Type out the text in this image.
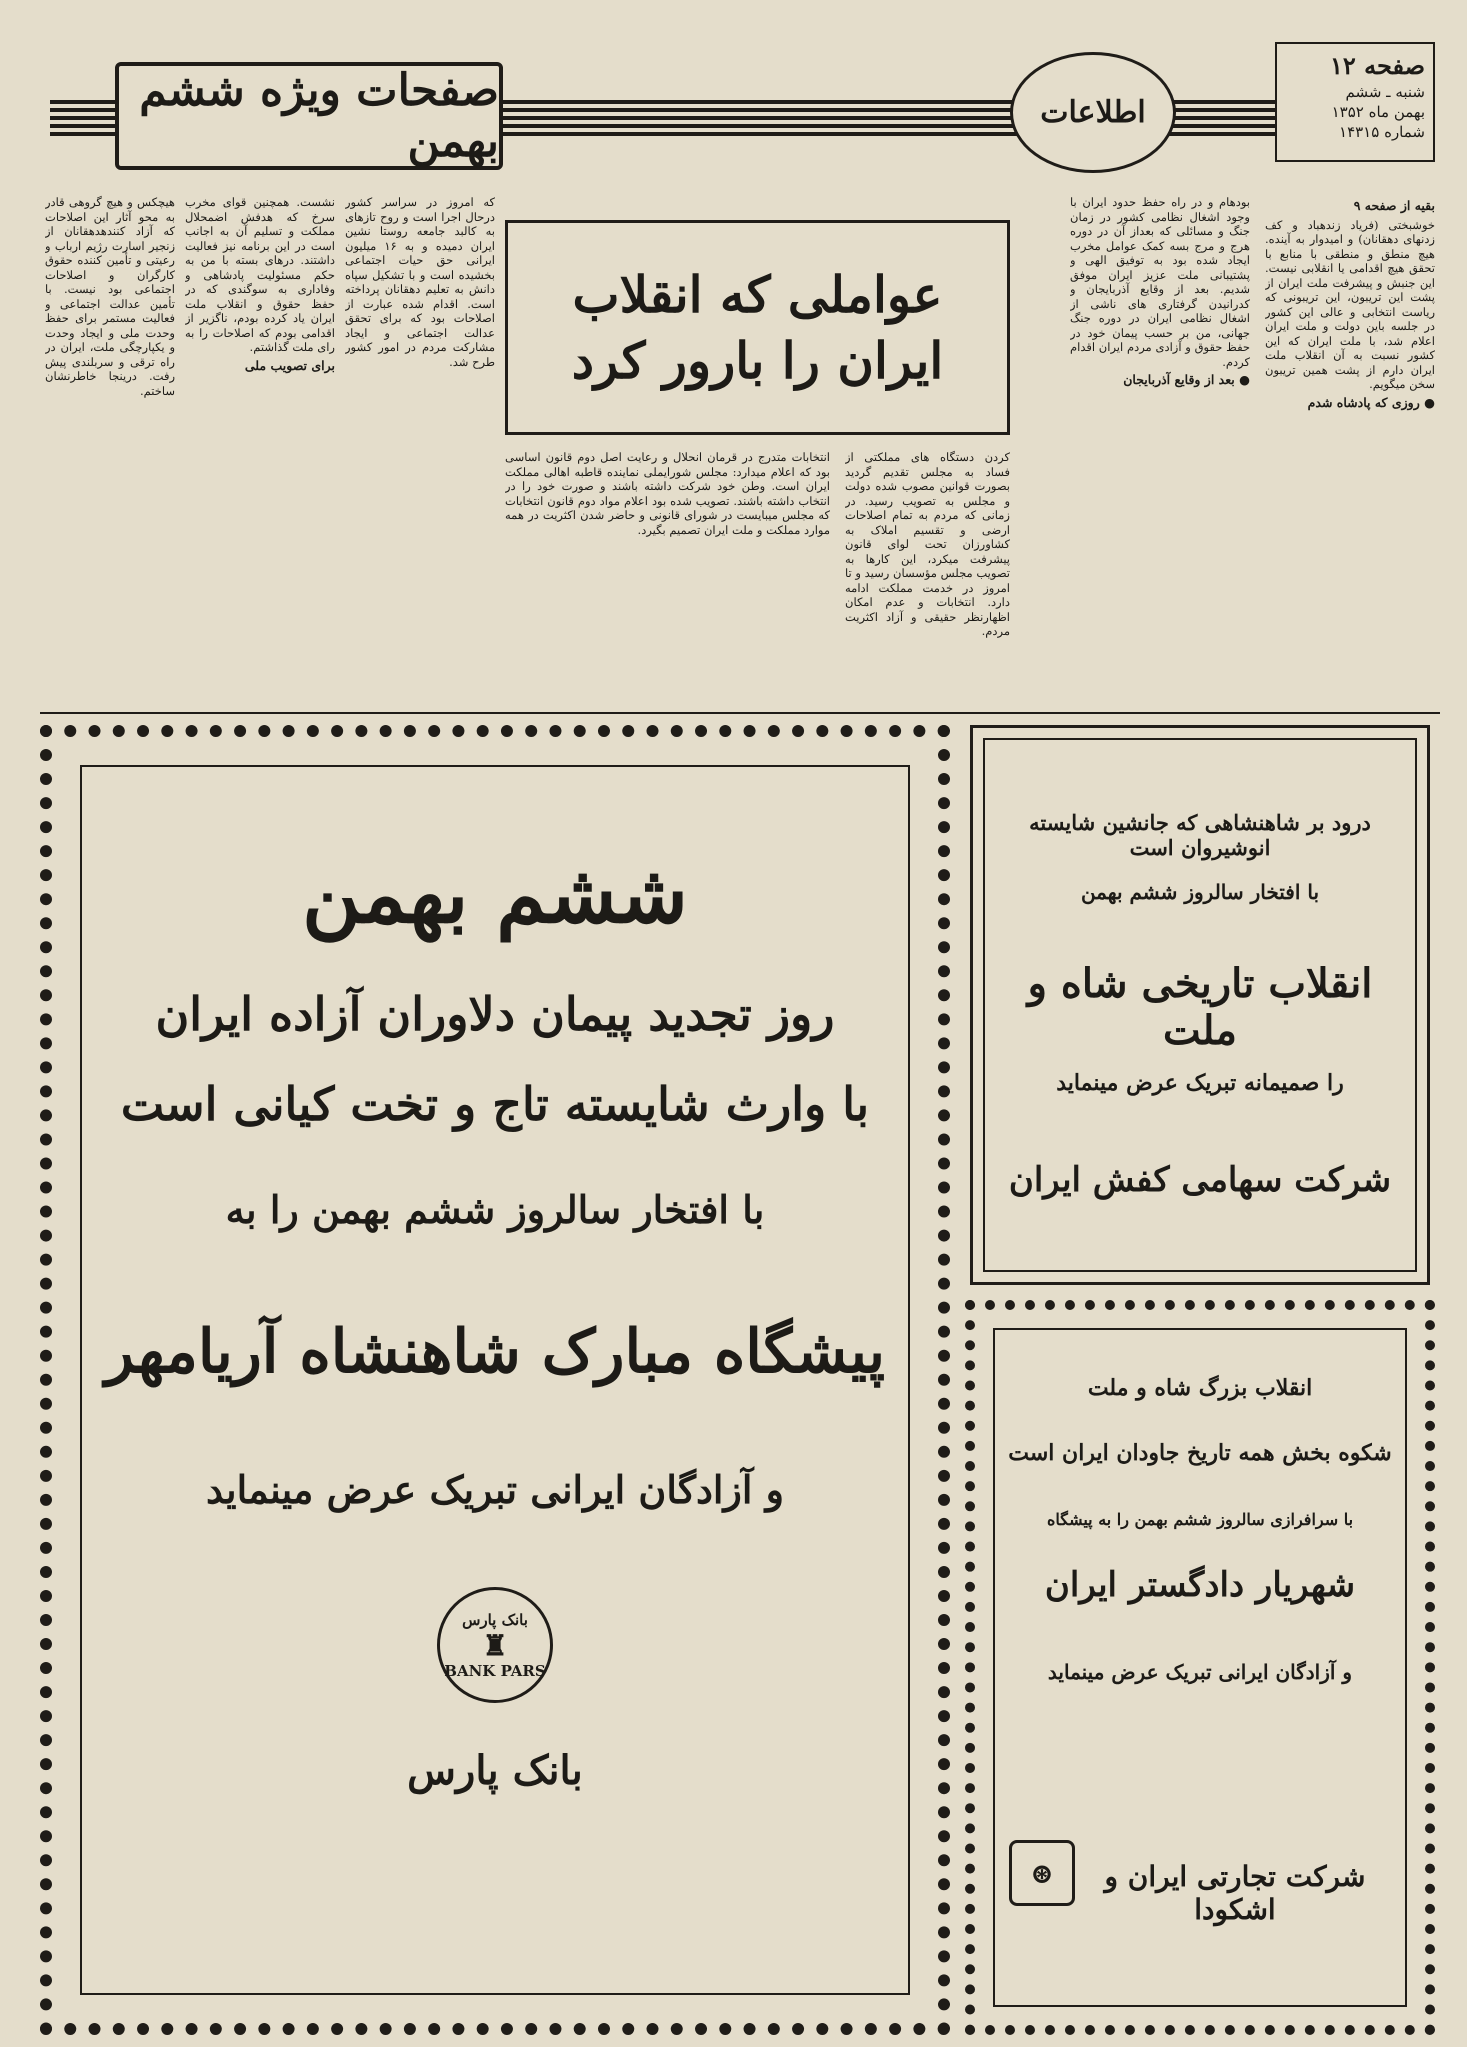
صفحات ویژه ششم بهمن
اطلاعات
صفحه ۱۲
شنبه ـ ششم
بهمن ماه ۱۳۵۲
شماره ۱۴۳۱۵

بقیه از صفحه ۹

خوشبختی (فریاد زندهباد و کف زدنهای دهقانان) و امیدوار به آینده. هیچ منطق و منطقی با منابع با تحقق هیچ اقدامی یا انقلابی نیست. این جنبش و پیشرفت ملت ایران از پشت این تریبون، این تریبونی که ریاست انتخابی و عالی این کشور در جلسه باین دولت و ملت ایران اعلام شد، با ملت ایران که این کشور نسبت به آن انقلاب ملت ایران دارم از پشت همین تریبون سخن میگویم.

● روزی که پادشاه شدم

بودهام و در راه حفظ حدود ایران با وجود اشغال نظامی کشور در زمان جنگ و مسائلی که بعداز آن در دوره هرج و مرج بسه کمک عوامل مخرب ایجاد شده بود به توفیق الهی و پشتیبانی ملت عزیز ایران موفق شدیم. بعد از وقایع آذربایجان و کدرانیدن گرفتاری های ناشی از اشغال نظامی ایران در دوره جنگ جهانی، من بر حسب پیمان خود در حفظ حقوق و آزادی مردم ایران اقدام کردم.

● بعد از وقایع آذربایجان

کردن دستگاه های مملکتی از فساد به مجلس تقدیم گردید بصورت قوانین مصوب شده دولت و مجلس به تصویب رسید. در زمانی که مردم به تمام اصلاحات ارضی و تقسیم املاک به کشاورزان تحت لوای قانون پیشرفت میکرد، این کارها به تصویب مجلس مؤسسان رسید و تا امروز در خدمت مملکت ادامه دارد. انتخابات و عدم امکان اظهارنظر حقیقی و آزاد اکثریت مردم.

انتخابات متدرج در قرمان انحلال و رعایت اصل دوم قانون اساسی بود که اعلام میدارد: مجلس شورایملی نماینده قاطبه اهالی مملکت ایران است. وطن خود شرکت داشته باشند و صورت خود را در انتخاب داشته باشند. تصویب شده بود اعلام مواد دوم قانون انتخابات که مجلس میبایست در شورای قانونی و حاضر شدن اکثریت در همه موارد مملکت و ملت ایران تصمیم بگیرد.

که امروز در سراسر کشور درحال اجرا است و روح تازهای به کالبد جامعه روستا نشین ایران دمیده و به ۱۶ میلیون ایرانی حق حیات اجتماعی بخشیده است و با تشکیل سپاه دانش به تعلیم دهقانان پرداخته است. اقدام شده عبارت از اصلاحات بود که برای تحقق عدالت اجتماعی و ایجاد مشارکت مردم در امور کشور طرح شد.

نشست. همچنین قوای مخرب سرخ که هدفش اضمحلال مملکت و تسلیم آن به اجانب است در این برنامه نیز فعالیت داشتند. درهای بسته با من به حکم مسئولیت پادشاهی و وفاداری به سوگندی که در حفظ حقوق و انقلاب ملت ایران یاد کرده بودم، ناگزیر از اقدامی بودم که اصلاحات را به رای ملت گذاشتم.

برای تصویب ملی

هیچکس و هیچ گروهی قادر به محو آثار این اصلاحات که آزاد کنندهدهقانان از زنجیر اسارت رژیم ارباب و رعیتی و تأمین کننده حقوق کارگران و اصلاحات اجتماعی بود نیست. با تأمین عدالت اجتماعی و فعالیت مستمر برای حفظ وحدت ملی و ایجاد وحدت و یکپارچگی ملت، ایران در راه ترقی و سربلندی پیش رفت. درینجا خاطرنشان ساختم.

عواملی که انقلاب
ایران را بارور کرد
ششم بهمن
روز تجدید پیمان دلاوران آزاده ایران
با وارث شایسته تاج و تخت کیانی است
با افتخار سالروز ششم بهمن را به
پیشگاه مبارک شاهنشاه آریامهر
و آزادگان ایرانی تبریک عرض مینماید
بانک پارس
♜
BANK PARS
بانک پارس
درود بر شاهنشاهی که جانشین شایسته انوشیروان است
با افتخار سالروز ششم بهمن
انقلاب تاریخی شاه و ملت
را صمیمانه تبریک عرض مینماید
شرکت سهامی کفش ایران
انقلاب بزرگ شاه و ملت
شکوه بخش همه تاریخ جاودان ایران است
با سرافرازی سالروز ششم بهمن را به پیشگاه
شهریار دادگستر ایران
و آزادگان ایرانی تبریک عرض مینماید
شرکت تجارتی ایران و اشکودا
⊛
